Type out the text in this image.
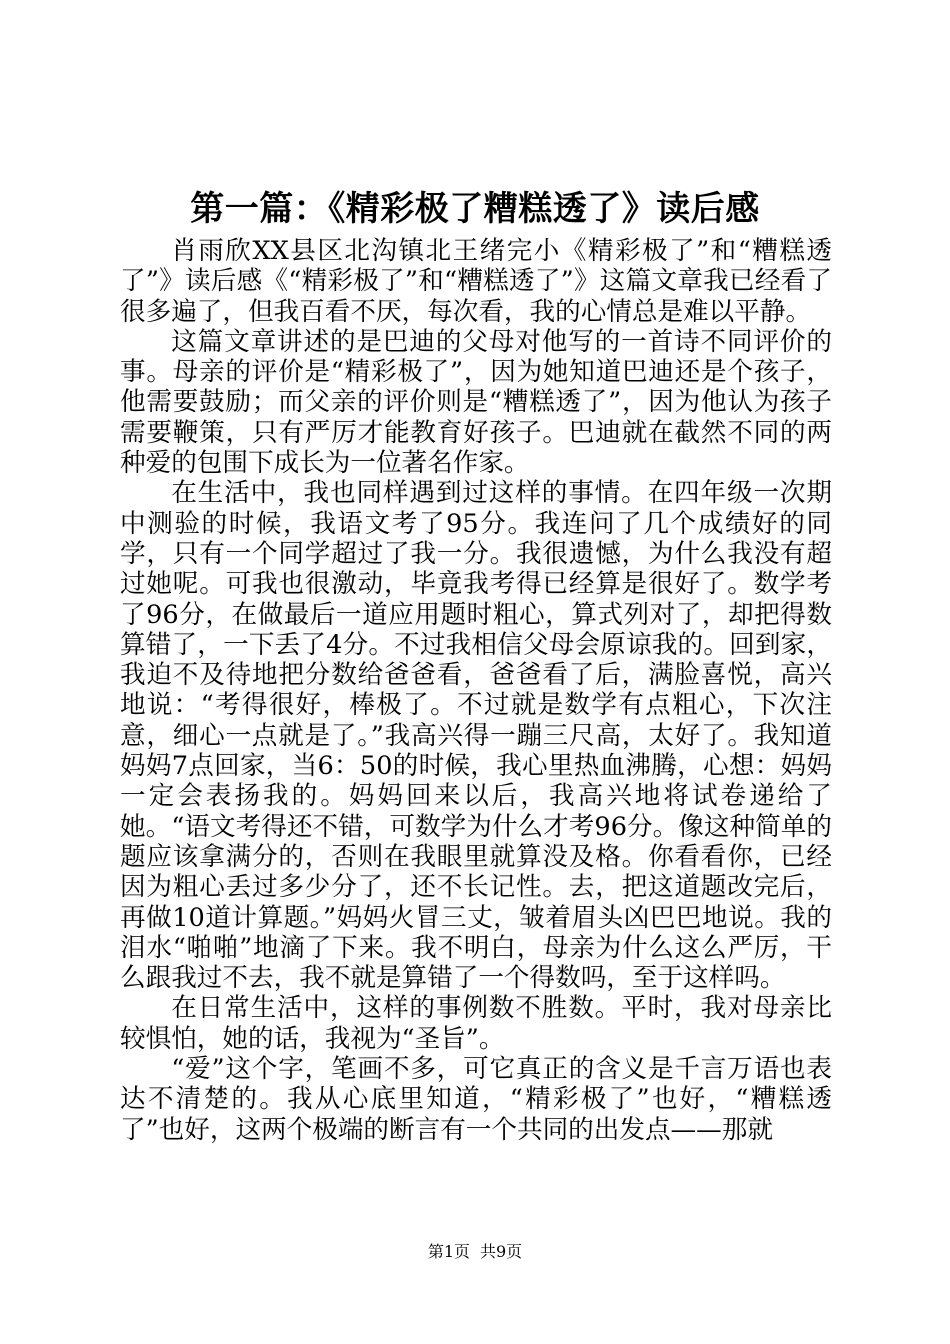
第一篇：《精彩极了糟糕透了》读后感

肖雨欣XX县区北沟镇北王绪完小《精彩极了”和“糟糕透了”》读后感《“精彩极了”和“糟糕透了”》这篇文章我已经看了很多遍了，但我百看不厌，每次看，我的心情总是难以平静。

这篇文章讲述的是巴迪的父母对他写的一首诗不同评价的事。母亲的评价是“精彩极了”，因为她知道巴迪还是个孩子，他需要鼓励；而父亲的评价则是“糟糕透了”，因为他认为孩子需要鞭策，只有严厉才能教育好孩子。巴迪就在截然不同的两种爱的包围下成长为一位著名作家。

在生活中，我也同样遇到过这样的事情。在四年级一次期中测验的时候，我语文考了95分。我连问了几个成绩好的同学，只有一个同学超过了我一分。我很遗憾，为什么我没有超过她呢。可我也很激动，毕竟我考得已经算是很好了。数学考了96分，在做最后一道应用题时粗心，算式列对了，却把得数算错了，一下丢了4分。不过我相信父母会原谅我的。回到家，我迫不及待地把分数给爸爸看，爸爸看了后，满脸喜悦，高兴地说：“考得很好，棒极了。不过就是数学有点粗心，下次注意，细心一点就是了。”我高兴得一蹦三尺高，太好了。我知道妈妈7点回家，当6：50的时候，我心里热血沸腾，心想：妈妈一定会表扬我的。妈妈回来以后，我高兴地将试卷递给了她。“语文考得还不错，可数学为什么才考96分。像这种简单的题应该拿满分的，否则在我眼里就算没及格。你看看你，已经因为粗心丢过多少分了，还不长记性。去，把这道题改完后，再做10道计算题。”妈妈火冒三丈，皱着眉头凶巴巴地说。我的泪水“啪啪”地滴了下来。我不明白，母亲为什么这么严厉，干么跟我过不去，我不就是算错了一个得数吗，至于这样吗。

在日常生活中，这样的事例数不胜数。平时，我对母亲比较惧怕，她的话，我视为“圣旨”。

“爱”这个字，笔画不多，可它真正的含义是千言万语也表达不清楚的。我从心底里知道，“精彩极了”也好，“糟糕透了”也好，这两个极端的断言有一个共同的出发点——那就

第1页 共9页
